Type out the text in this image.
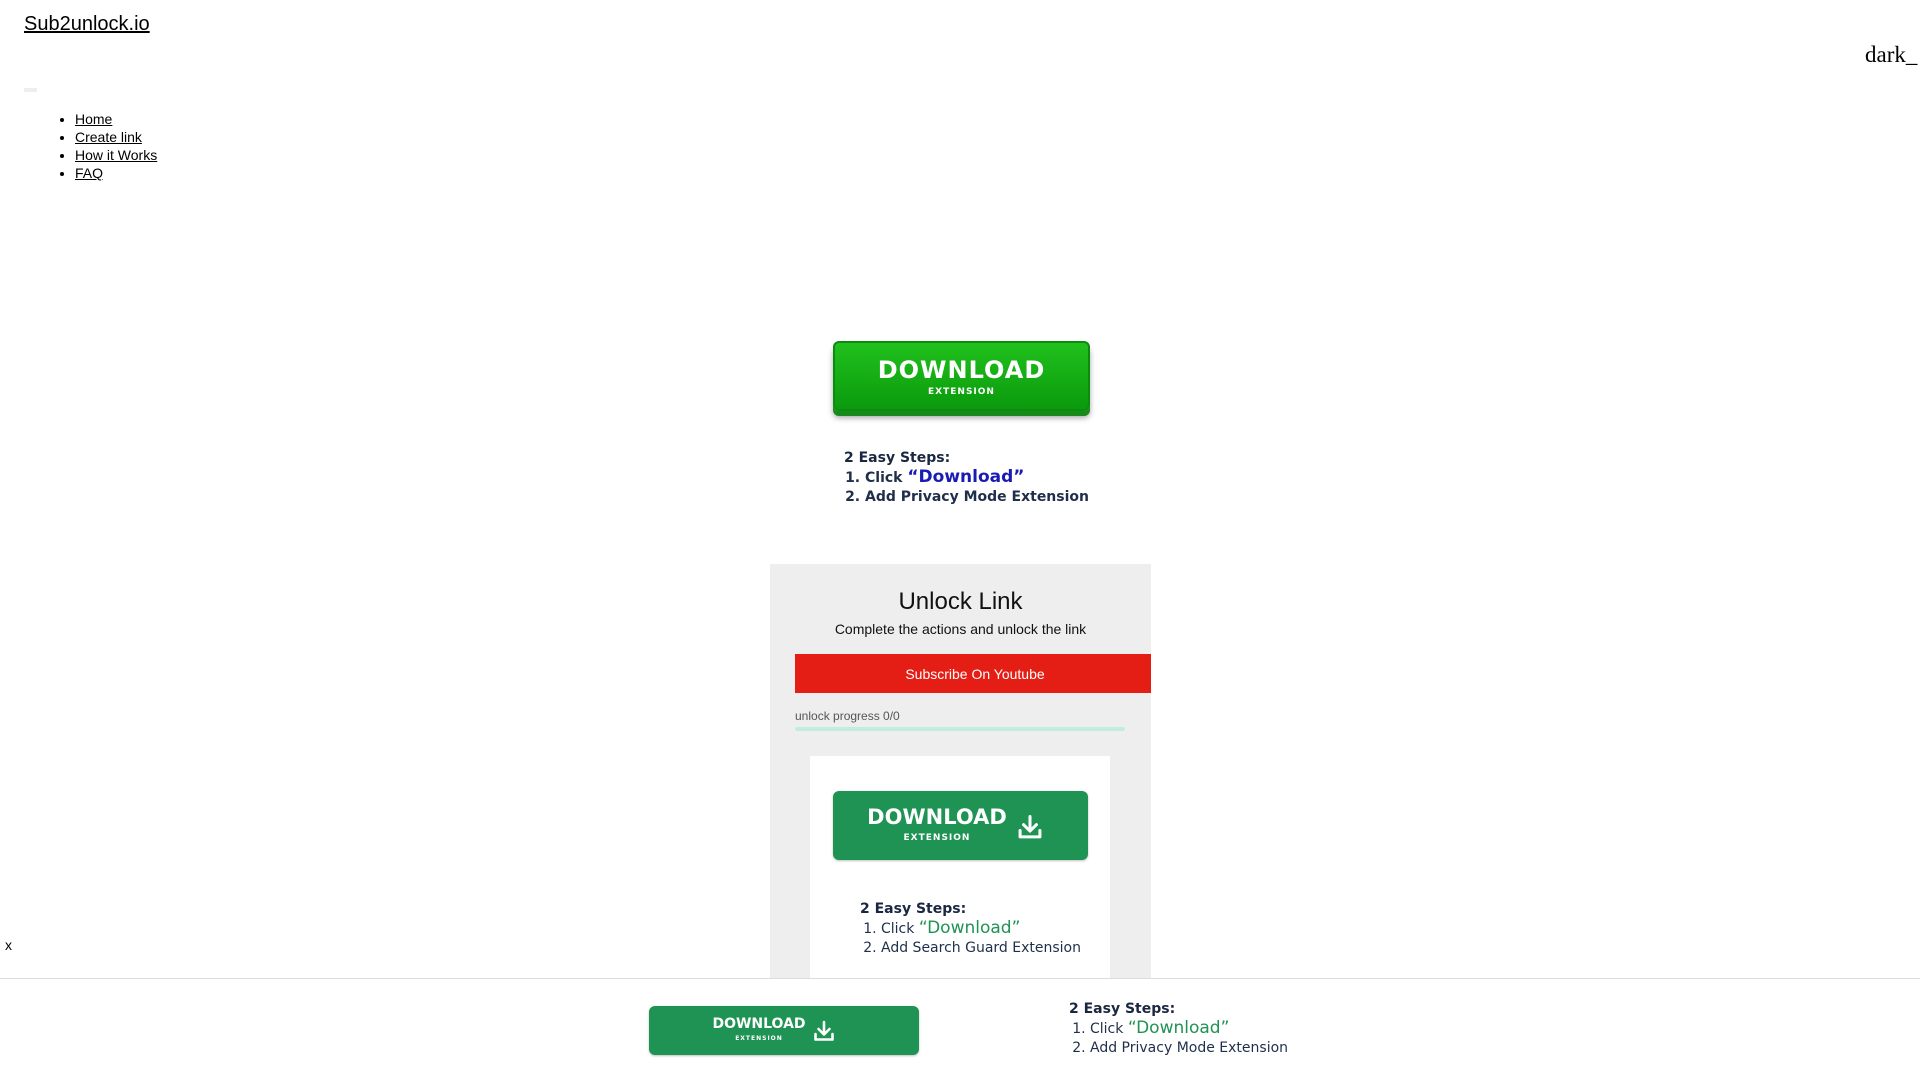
Sub2unlock.io
dark_
• Home
• Create link
• How it Works
• FAQ
DOWNLOAD
EXTENSION
2 Easy Steps:
1. Click “Download”
2. Add Privacy Mode Extension
Unlock Link
Complete the actions and unlock the link
Subscribe On Youtube
unlock progress 0/0
DOWNLOAD
EXTENSION
2 Easy Steps:
1. Click “Download”
2. Add Search Guard Extension
x
DOWNLOAD
EXTENSION
2 Easy Steps:
1. Click “Download”
2. Add Privacy Mode Extension
